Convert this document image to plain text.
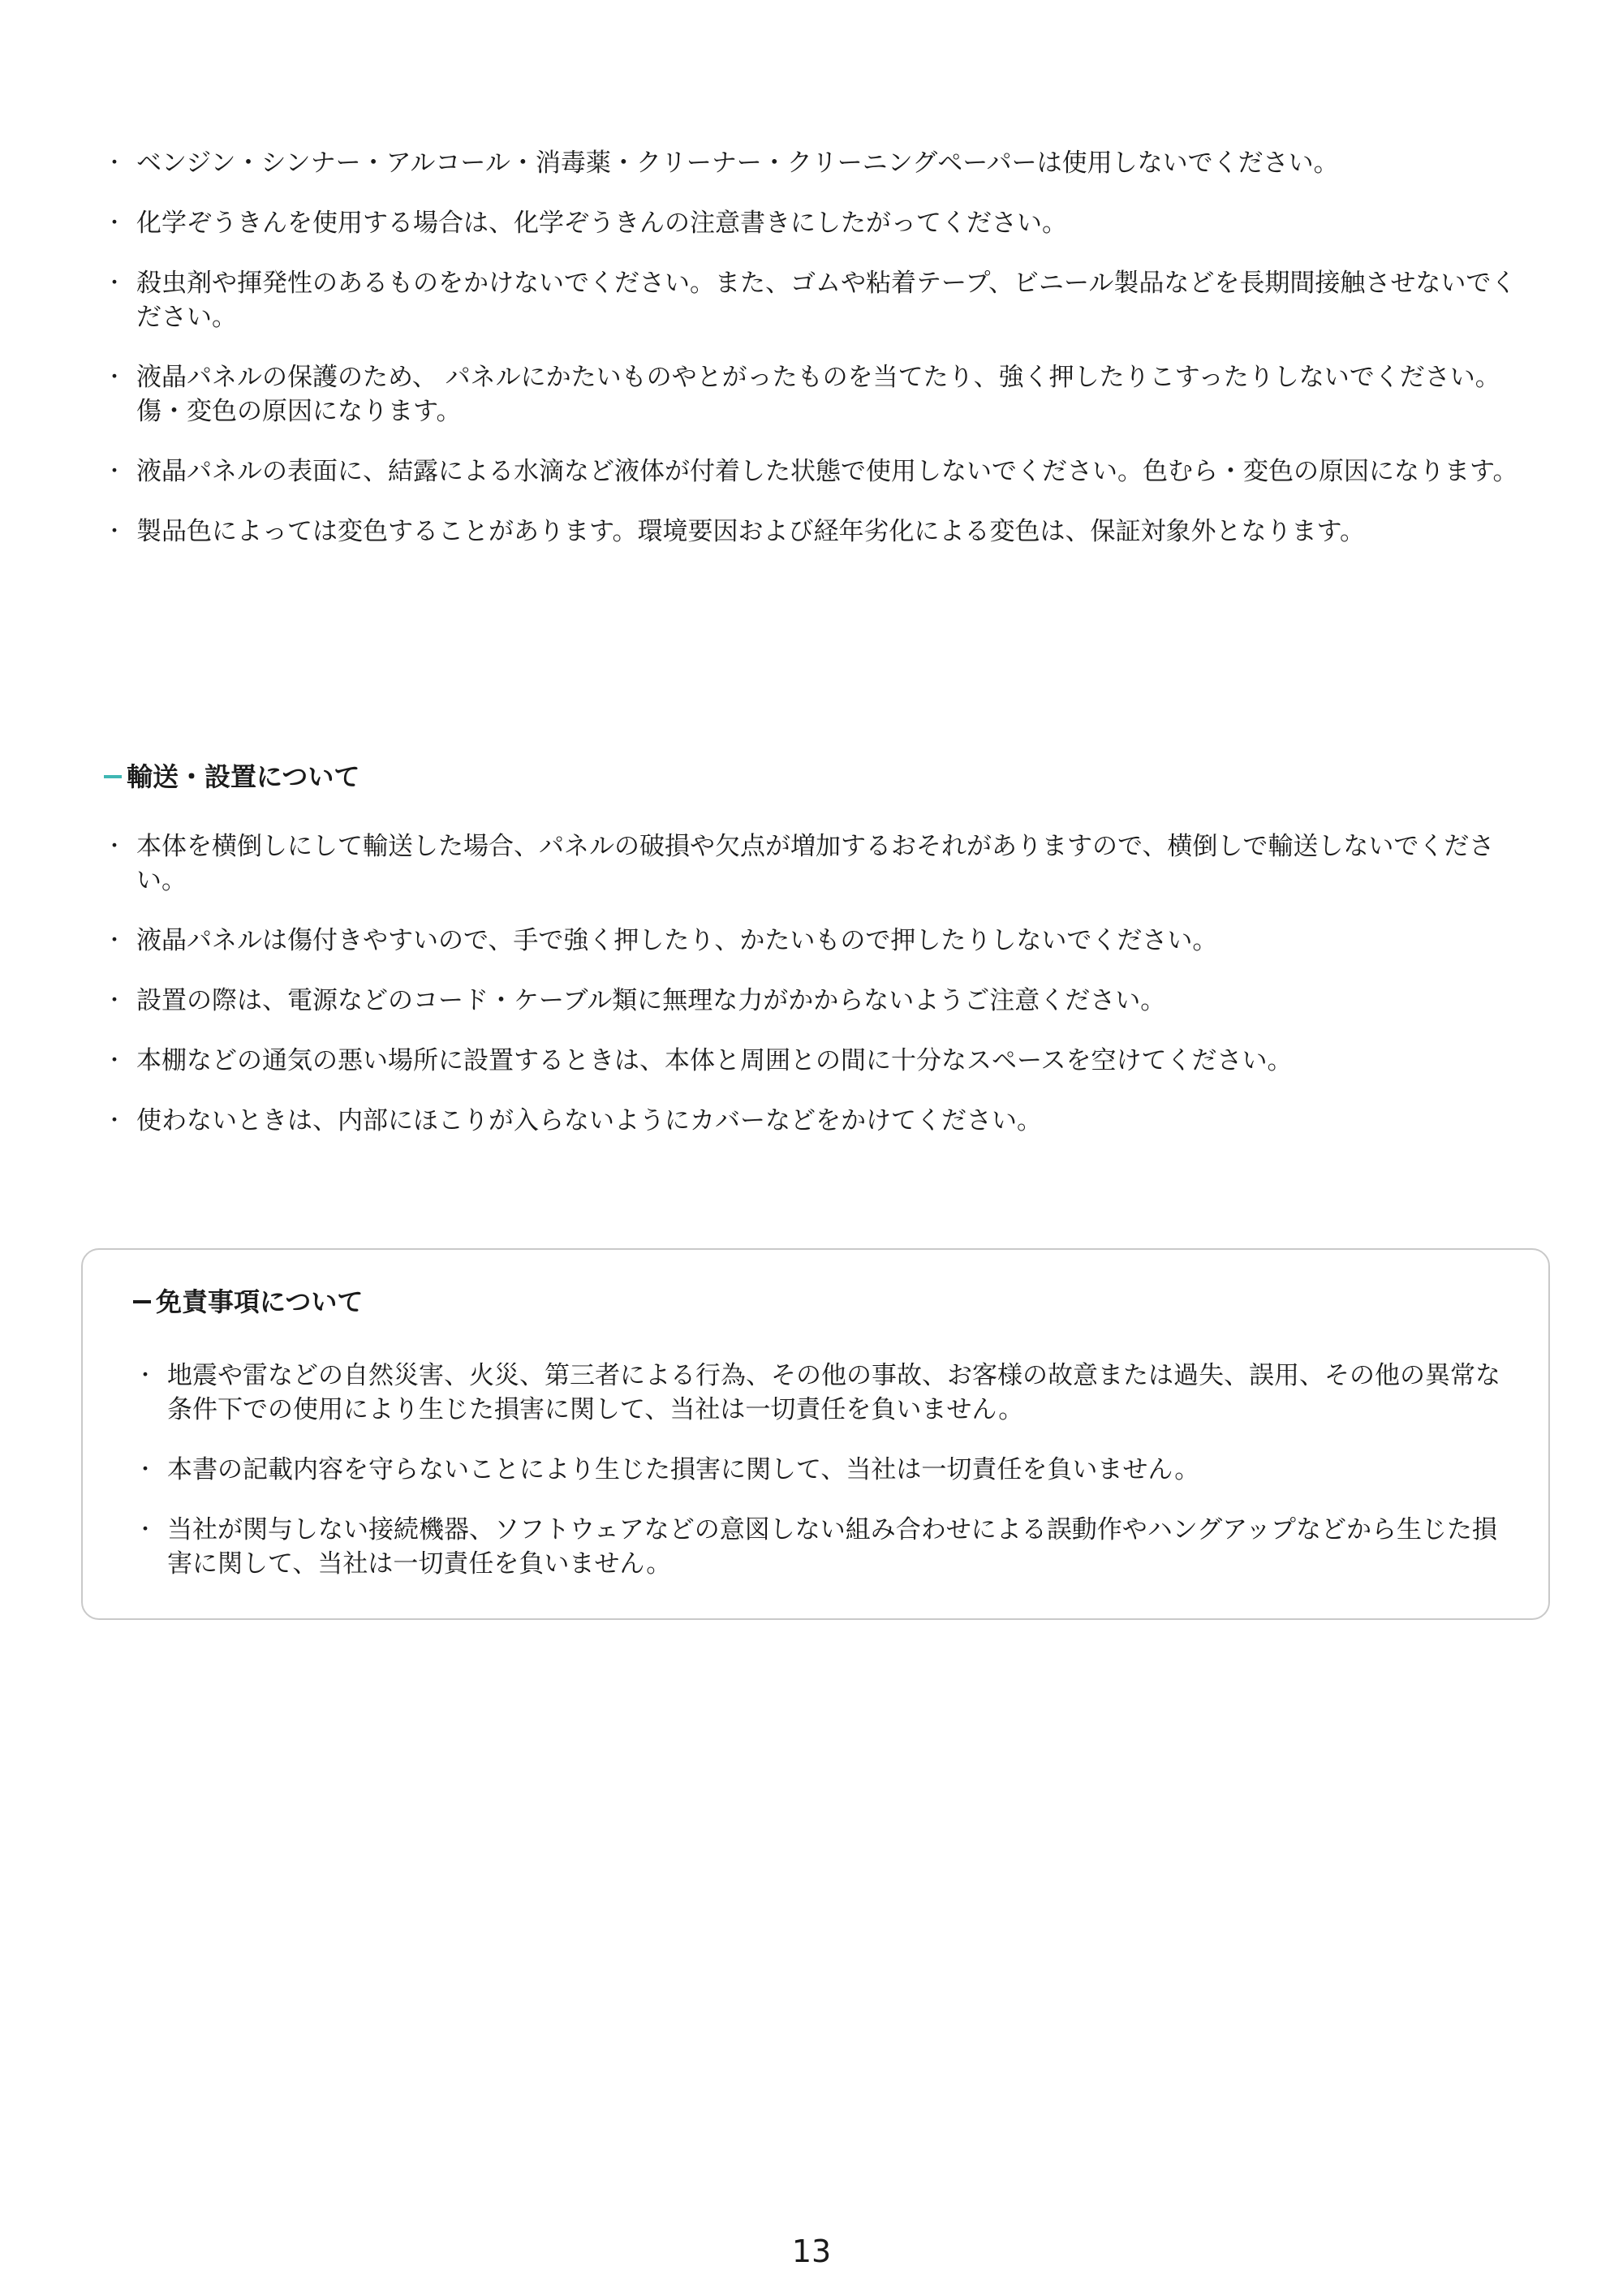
・ ベンジン・シンナー・アルコール・消毒薬・クリーナー・クリーニングペーパーは使用しないでください。
・ 化学ぞうきんを使用する場合は、化学ぞうきんの注意書きにしたがってください。
・ 殺虫剤や揮発性のあるものをかけないでください。また、ゴムや粘着テープ、ビニール製品などを長期間接触させないでください。
・ 液晶パネルの保護のため、 パネルにかたいものやとがったものを当てたり、強く押したりこすったりしないでください。傷・変色の原因になります。
・ 液晶パネルの表面に、結露による水滴など液体が付着した状態で使用しないでください。色むら・変色の原因になります。
・ 製品色によっては変色することがあります。環境要因および経年劣化による変色は、保証対象外となります。
輸送・設置について
・ 本体を横倒しにして輸送した場合、パネルの破損や欠点が増加するおそれがありますので、横倒しで輸送しないでください。
・ 液晶パネルは傷付きやすいので、手で強く押したり、かたいもので押したりしないでください。
・ 設置の際は、電源などのコード・ケーブル類に無理な力がかからないようご注意ください。
・ 本棚などの通気の悪い場所に設置するときは、本体と周囲との間に十分なスペースを空けてください。
・ 使わないときは、内部にほこりが入らないようにカバーなどをかけてください。
免責事項について
・ 地震や雷などの自然災害、火災、第三者による行為、その他の事故、お客様の故意または過失、誤用、その他の異常な条件下での使用により生じた損害に関して、当社は一切責任を負いません。
・ 本書の記載内容を守らないことにより生じた損害に関して、当社は一切責任を負いません。
・ 当社が関与しない接続機器、ソフトウェアなどの意図しない組み合わせによる誤動作やハングアップなどから生じた損害に関して、当社は一切責任を負いません。
13
